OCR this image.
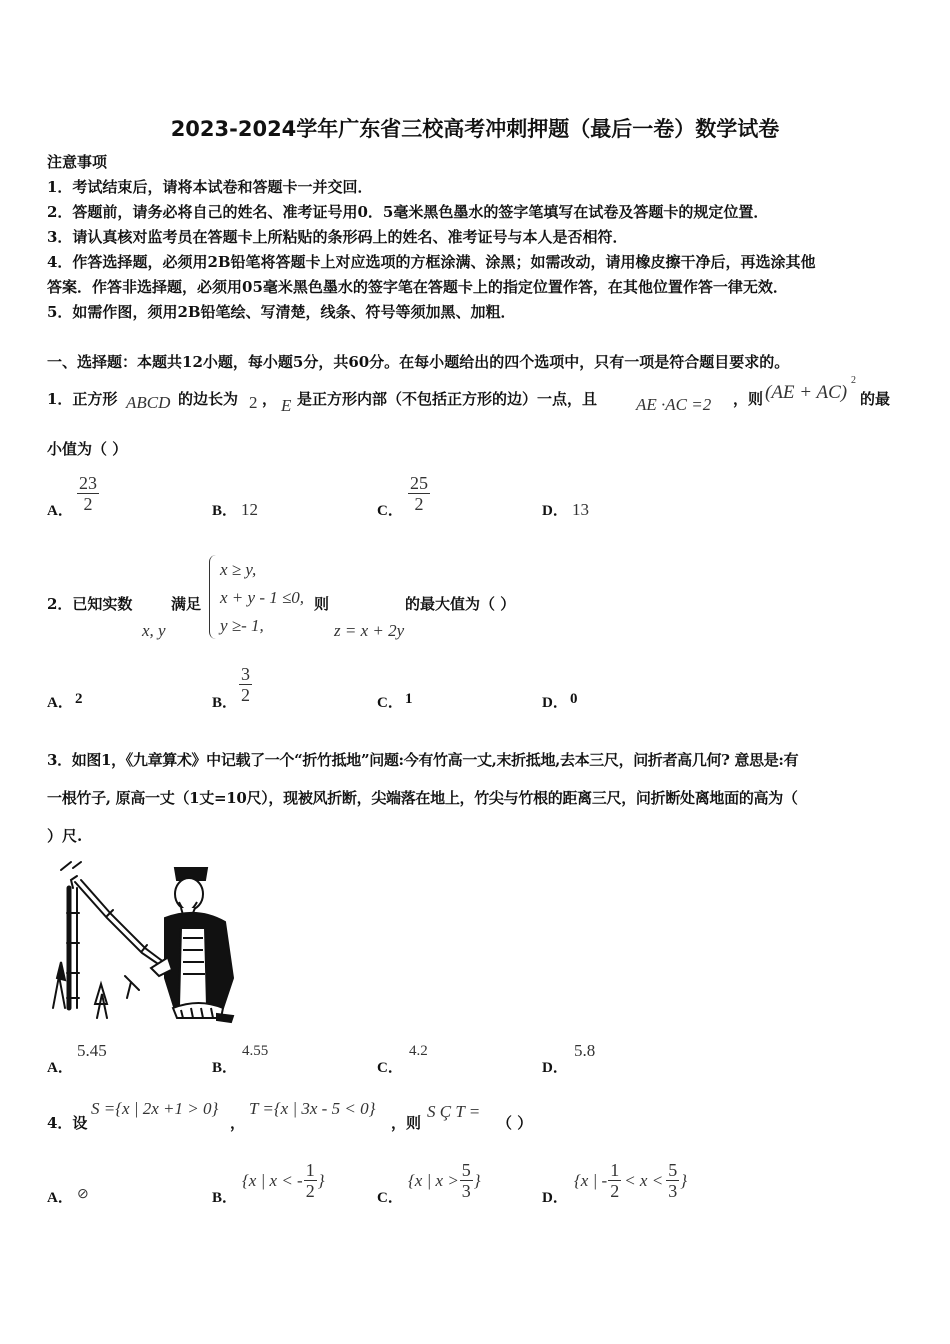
2023-2024学年广东省三校高考冲刺押题（最后一卷）数学试卷
注意事项
1．考试结束后，请将本试卷和答题卡一并交回．
2．答题前，请务必将自己的姓名、准考证号用0．5毫米黑色墨水的签字笔填写在试卷及答题卡的规定位置．
3．请认真核对监考员在答题卡上所粘贴的条形码上的姓名、准考证号与本人是否相符．
4．作答选择题，必须用2B铅笔将答题卡上对应选项的方框涂满、涂黑；如需改动，请用橡皮擦干净后，再选涂其他
答案．作答非选择题，必须用05毫米黑色墨水的签字笔在答题卡上的指定位置作答，在其他位置作答一律无效．
5．如需作图，须用2B铅笔绘、写清楚，线条、符号等须加黑、加粗．
一、选择题：本题共12小题，每小题5分，共60分。在每小题给出的四个选项中，只有一项是符合题目要求的。
1．正方形 ABCD 的边长为 2 ， E 是正方形内部（不包括正方形的边）一点，且 AE ·AC =2 ，则 (AE + AC)
2
的最
小值为（ ）
A．
23
2	B． 12	C．
25
2	D． 13
2．已知实数
x, y
满足
x ≥ y,
x + y - 1 ≤0,
y ≥- 1,
则
z = x + 2y
的最大值为（ ）
A． 2	B．
3
2	C． 1	D． 0
3．如图1，《九章算术》中记载了一个“折竹抵地”问题:今有竹高一丈,末折抵地,去本三尺，问折者高几何? 意思是:有
一根竹子, 原高一丈（1丈=10尺），现被风折断，尖端落在地上，竹尖与竹根的距离三尺，问折断处离地面的高为（
）尺.
A．
5.45
B．
4.55
C．
4.2
D．
5.8
4．设
S ={x | 2x +1 > 0}
，
T ={x | 3x - 5 < 0}
，则
S Ç T =
（ ）
A． ⊘	B．
{x | x < - $\frac{1}{2}$ }
C．
{x | $x > \frac{5}{3}$ }
D．
{x | - $\frac{1}{2} < x < \frac{5}{3}$ }
